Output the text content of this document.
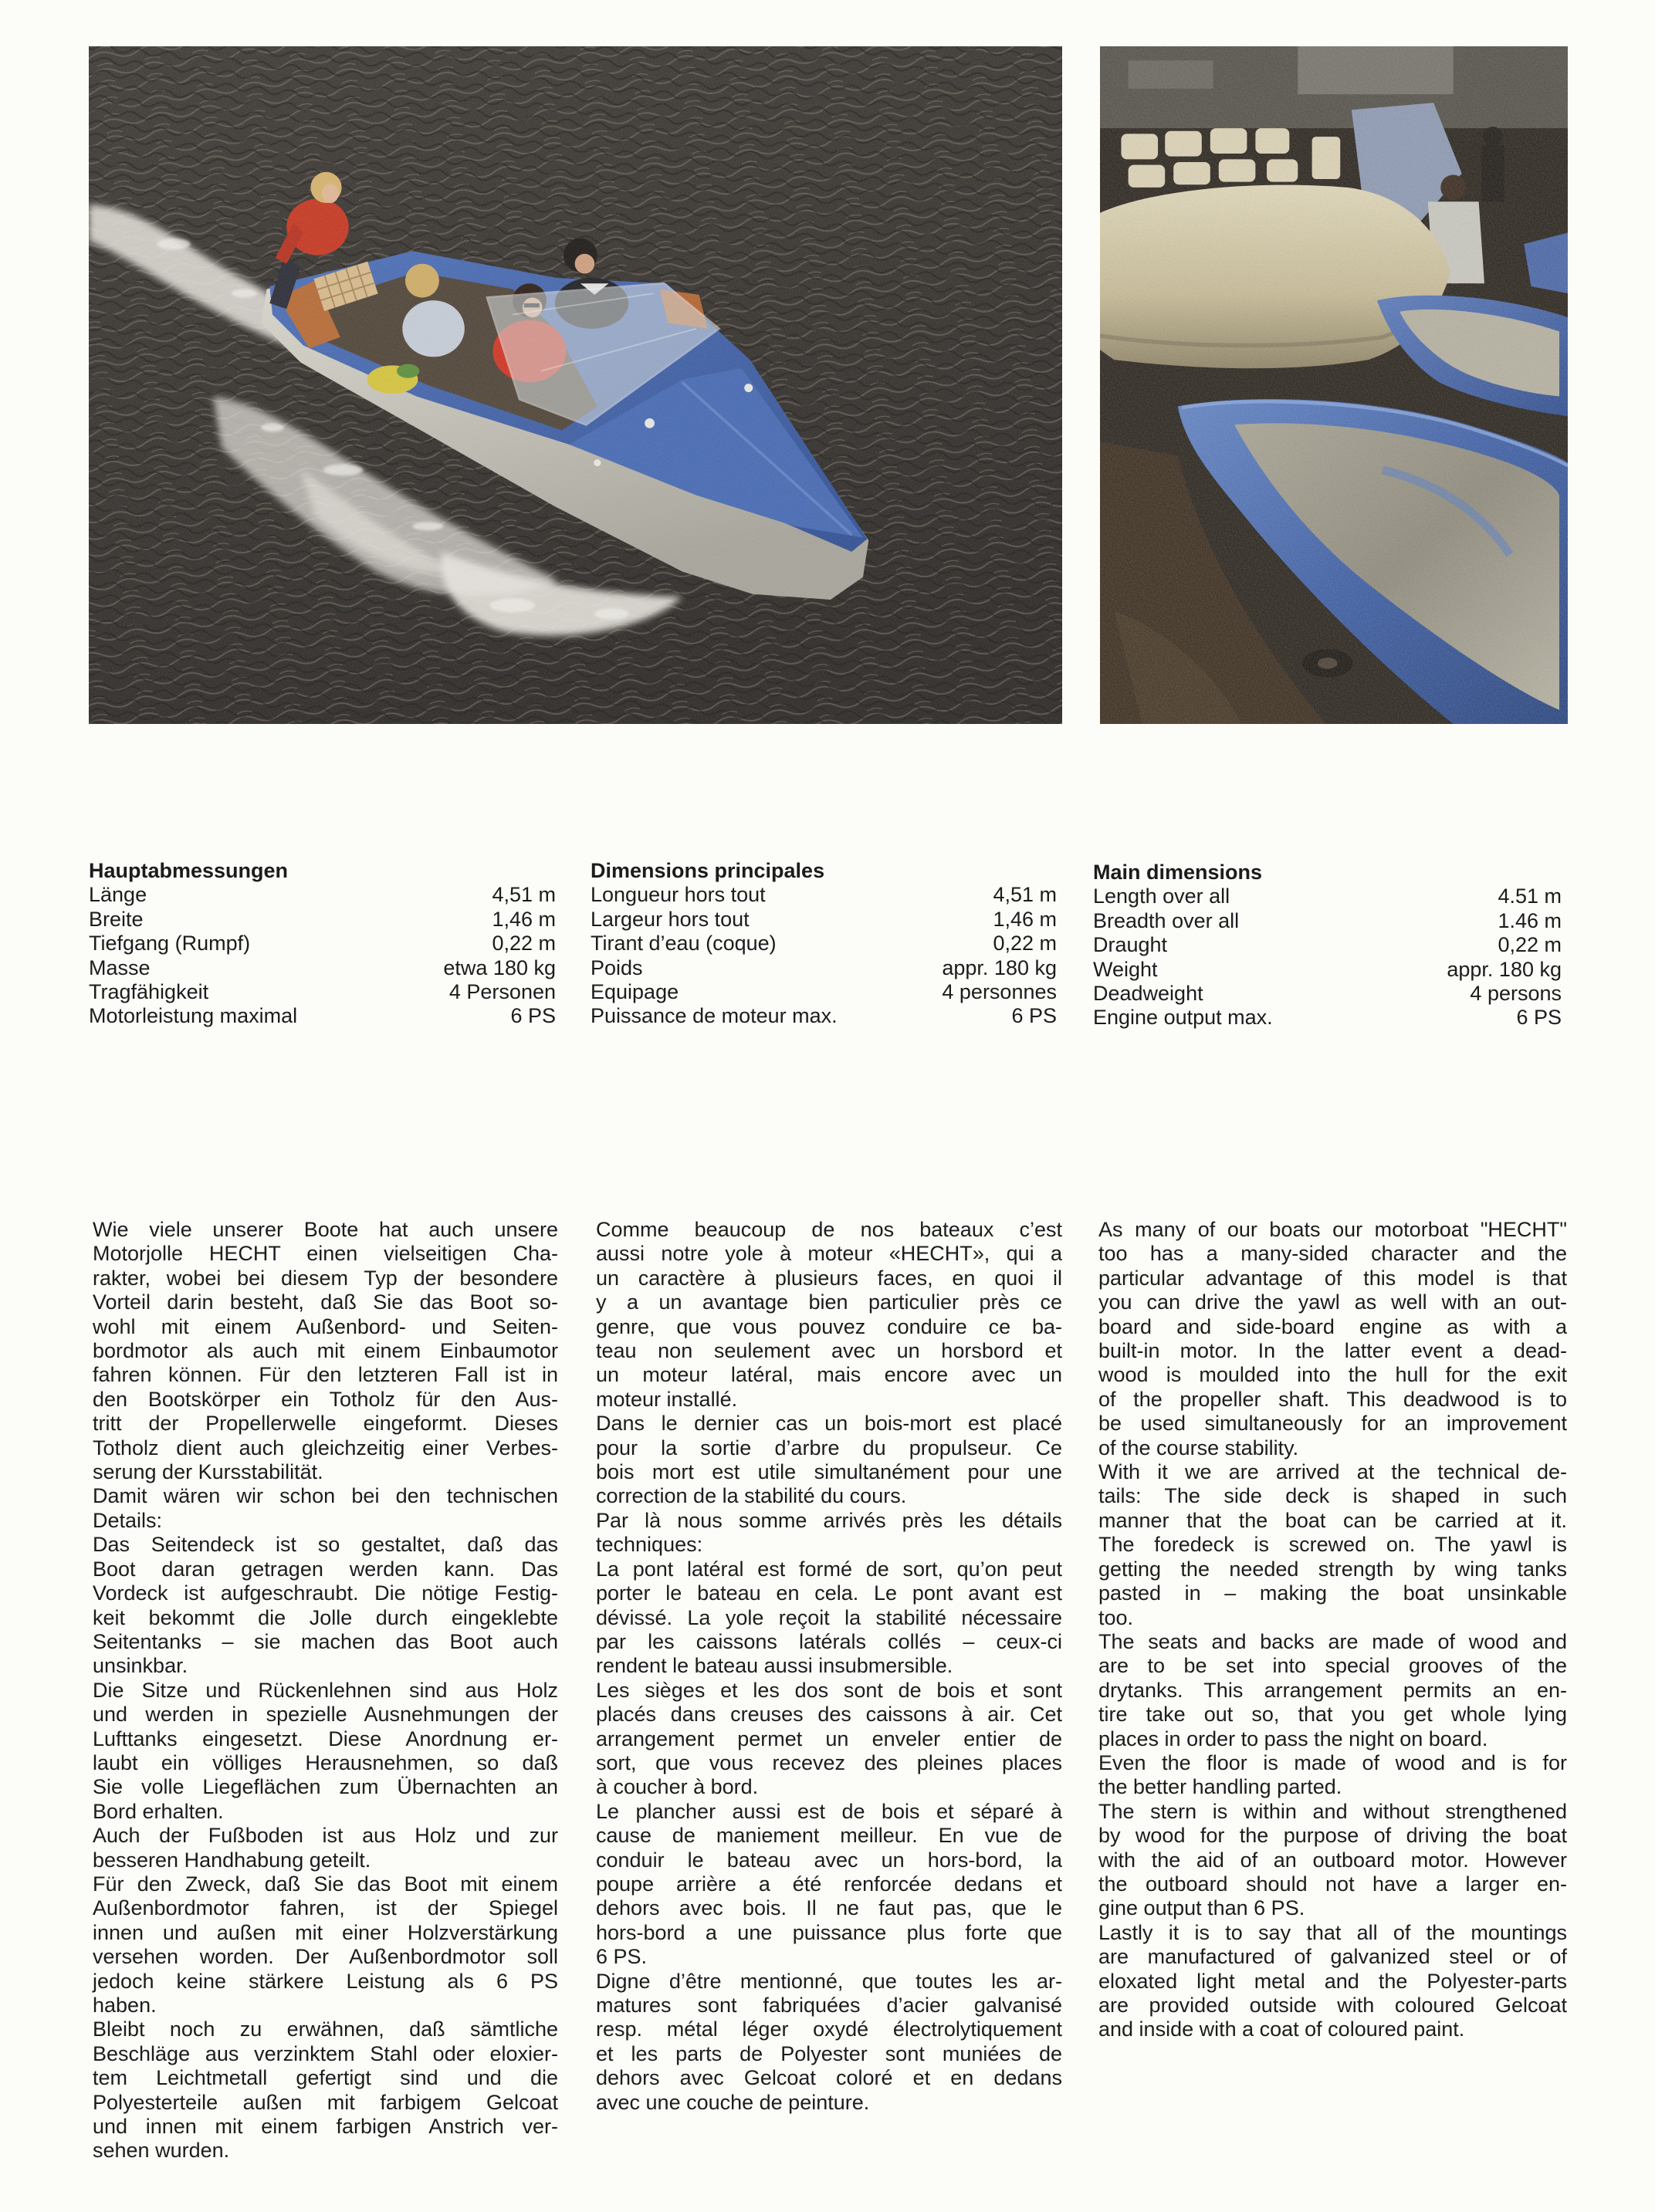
Hauptabmessungen
Länge	4,51 m
Breite	1,46 m
Tiefgang (Rumpf)	0,22 m
Masse	etwa 180 kg
Tragfähigkeit	4 Personen
Motorleistung maximal	6 PS
Dimensions principales
Longueur hors tout	4,51 m
Largeur hors tout	1,46 m
Tirant d’eau (coque)	0,22 m
Poids	appr. 180 kg
Equipage	4 personnes
Puissance de moteur max.	6 PS
Main dimensions
Length over all	4.51 m
Breadth over all	1.46 m
Draught	0,22 m
Weight	appr. 180 kg
Deadweight	4 persons
Engine output max.	6 PS
Wie viele unserer Boote hat auch unsere
Motorjolle HECHT einen vielseitigen Cha-
rakter, wobei bei diesem Typ der besondere
Vorteil darin besteht, daß Sie das Boot so-
wohl mit einem Außenbord- und Seiten-
bordmotor als auch mit einem Einbaumotor
fahren können. Für den letzteren Fall ist in
den Bootskörper ein Totholz für den Aus-
tritt der Propellerwelle eingeformt. Dieses
Totholz dient auch gleichzeitig einer Verbes-
serung der Kursstabilität.
Damit wären wir schon bei den technischen
Details:
Das Seitendeck ist so gestaltet, daß das
Boot daran getragen werden kann. Das
Vordeck ist aufgeschraubt. Die nötige Festig-
keit bekommt die Jolle durch eingeklebte
Seitentanks – sie machen das Boot auch
unsinkbar.
Die Sitze und Rückenlehnen sind aus Holz
und werden in spezielle Ausnehmungen der
Lufttanks eingesetzt. Diese Anordnung er-
laubt ein völliges Herausnehmen, so daß
Sie volle Liegeflächen zum Übernachten an
Bord erhalten.
Auch der Fußboden ist aus Holz und zur
besseren Handhabung geteilt.
Für den Zweck, daß Sie das Boot mit einem
Außenbordmotor fahren, ist der Spiegel
innen und außen mit einer Holzverstärkung
versehen worden. Der Außenbordmotor soll
jedoch keine stärkere Leistung als 6 PS
haben.
Bleibt noch zu erwähnen, daß sämtliche
Beschläge aus verzinktem Stahl oder eloxier-
tem Leichtmetall gefertigt sind und die
Polyesterteile außen mit farbigem Gelcoat
und innen mit einem farbigen Anstrich ver-
sehen wurden.
Comme beaucoup de nos bateaux c’est
aussi notre yole à moteur «HECHT», qui a
un caractère à plusieurs faces, en quoi il
y a un avantage bien particulier près ce
genre, que vous pouvez conduire ce ba-
teau non seulement avec un horsbord et
un moteur latéral, mais encore avec un
moteur installé.
Dans le dernier cas un bois-mort est placé
pour la sortie d’arbre du propulseur. Ce
bois mort est utile simultanément pour une
correction de la stabilité du cours.
Par là nous somme arrivés près les détails
techniques:
La pont latéral est formé de sort, qu’on peut
porter le bateau en cela. Le pont avant est
dévissé. La yole reçoit la stabilité nécessaire
par les caissons latérals collés – ceux-ci
rendent le bateau aussi insubmersible.
Les sièges et les dos sont de bois et sont
placés dans creuses des caissons à air. Cet
arrangement permet un enveler entier de
sort, que vous recevez des pleines places
à coucher à bord.
Le plancher aussi est de bois et séparé à
cause de maniement meilleur. En vue de
conduir le bateau avec un hors-bord, la
poupe arrière a été renforcée dedans et
dehors avec bois. Il ne faut pas, que le
hors-bord a une puissance plus forte que
6 PS.
Digne d’être mentionné, que toutes les ar-
matures sont fabriquées d’acier galvanisé
resp. métal léger oxydé électrolytiquement
et les parts de Polyester sont muniées de
dehors avec Gelcoat coloré et en dedans
avec une couche de peinture.
As many of our boats our motorboat "HECHT"
too has a many-sided character and the
particular advantage of this model is that
you can drive the yawl as well with an out-
board and side-board engine as with a
built-in motor. In the latter event a dead-
wood is moulded into the hull for the exit
of the propeller shaft. This deadwood is to
be used simultaneously for an improvement
of the course stability.
With it we are arrived at the technical de-
tails: The side deck is shaped in such
manner that the boat can be carried at it.
The foredeck is screwed on. The yawl is
getting the needed strength by wing tanks
pasted in – making the boat unsinkable
too.
The seats and backs are made of wood and
are to be set into special grooves of the
drytanks. This arrangement permits an en-
tire take out so, that you get whole lying
places in order to pass the night on board.
Even the floor is made of wood and is for
the better handling parted.
The stern is within and without strengthened
by wood for the purpose of driving the boat
with the aid of an outboard motor. However
the outboard should not have a larger en-
gine output than 6 PS.
Lastly it is to say that all of the mountings
are manufactured of galvanized steel or of
eloxated light metal and the Polyester-parts
are provided outside with coloured Gelcoat
and inside with a coat of coloured paint.
